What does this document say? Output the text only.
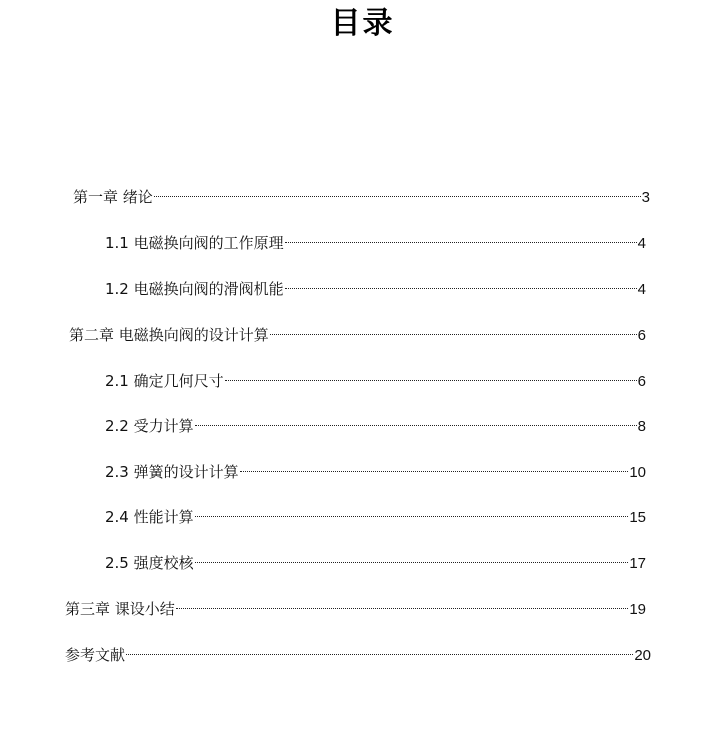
目录
第一章 绪论	3
1.1 电磁换向阀的工作原理	4
1.2 电磁换向阀的滑阀机能	4
第二章 电磁换向阀的设计计算	6
2.1 确定几何尺寸	6
2.2 受力计算	8
2.3 弹簧的设计计算	10
2.4 性能计算	15
2.5 强度校核	17
第三章 课设小结	19
参考文献	20
